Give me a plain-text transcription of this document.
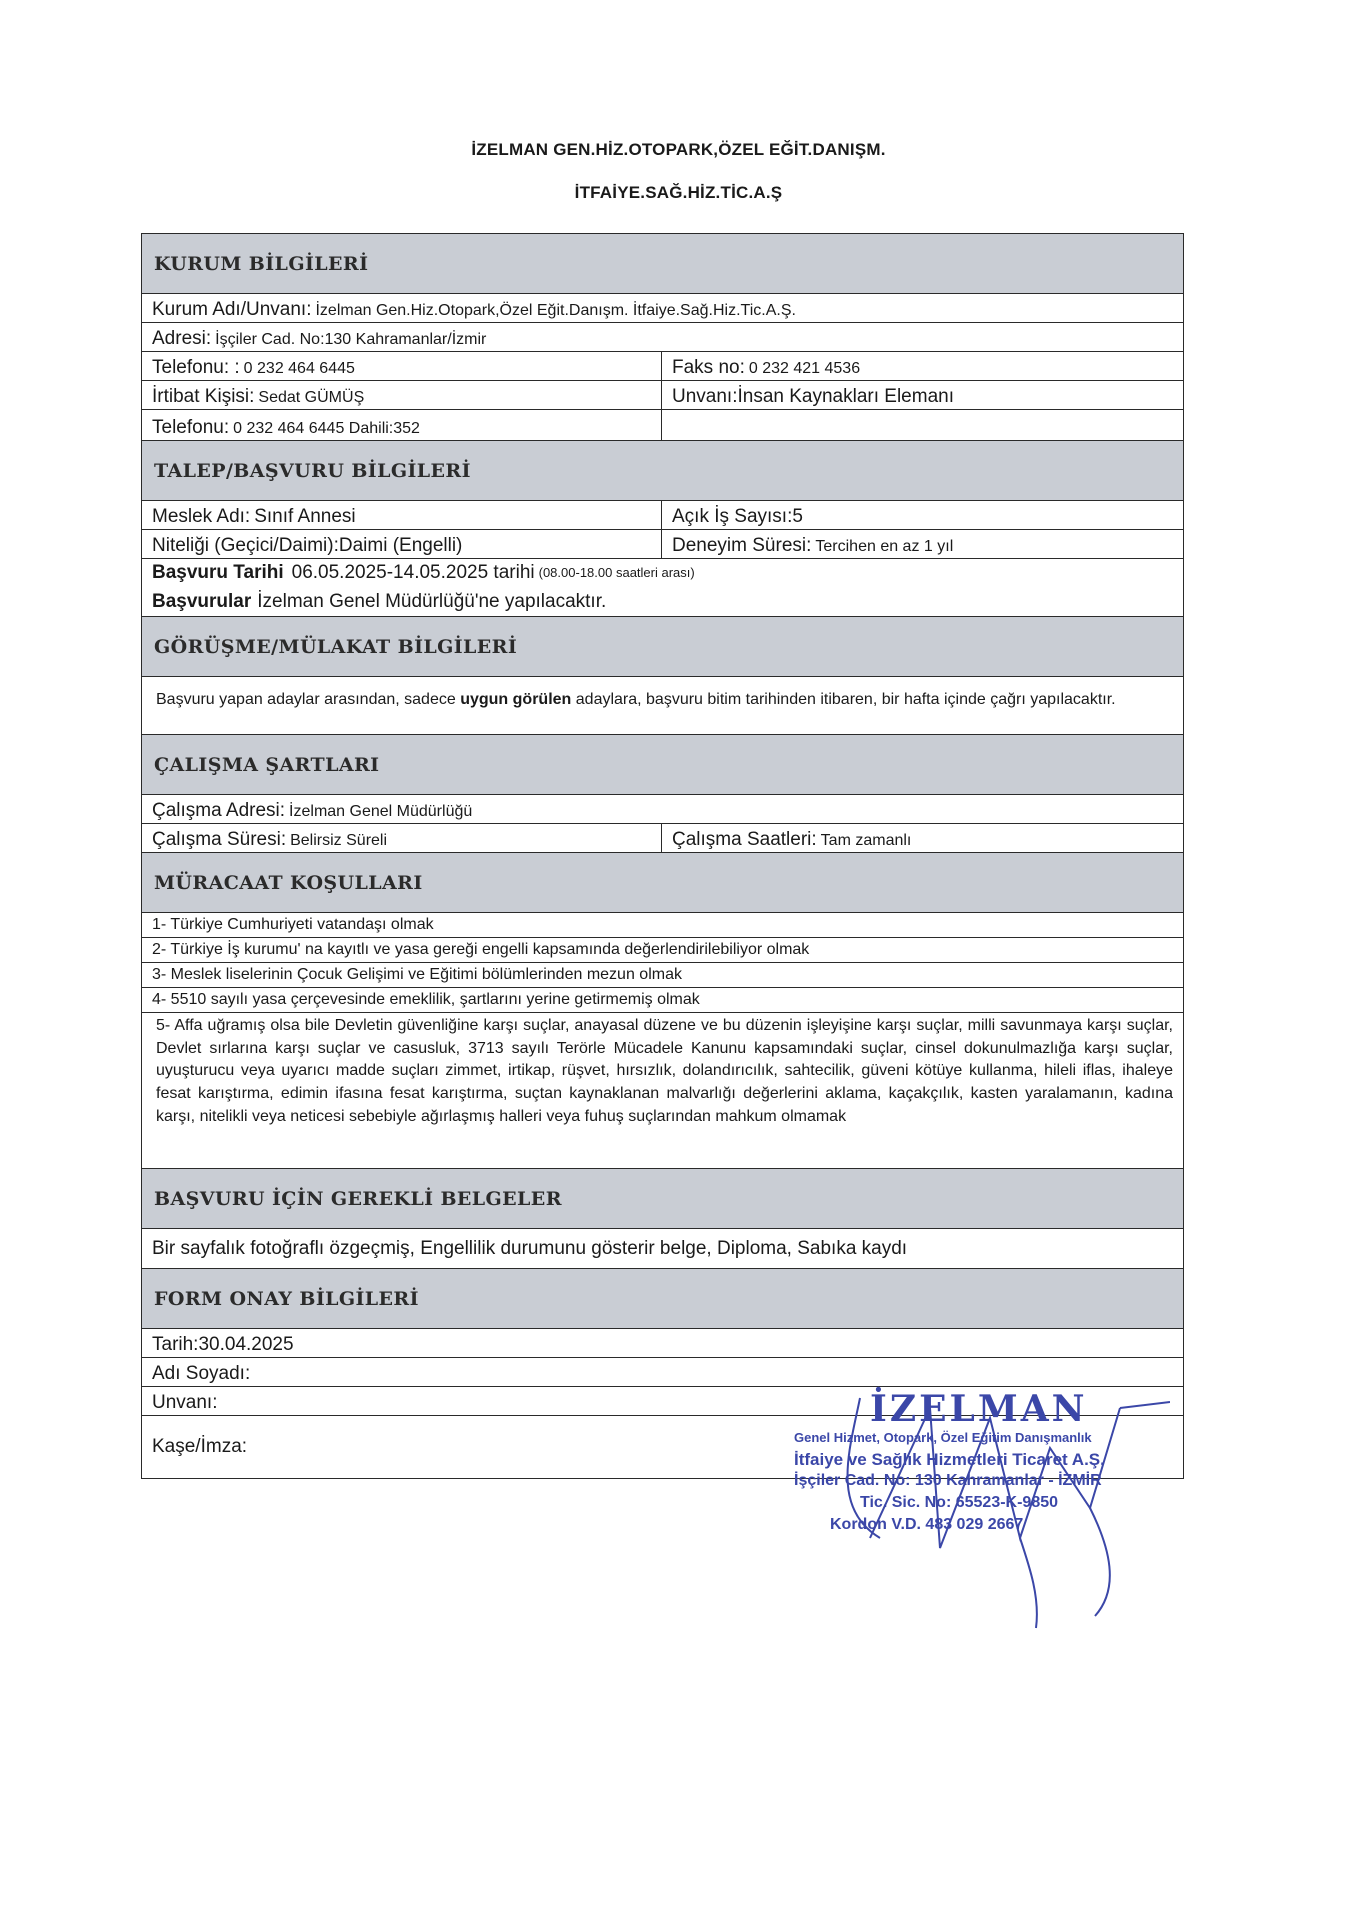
İZELMAN GEN.HİZ.OTOPARK,ÖZEL EĞİT.DANIŞM.
İTFAİYE.SAĞ.HİZ.TİC.A.Ş
KURUM BİLGİLERİ
Kurum Adı/Unvanı: İzelman Gen.Hiz.Otopark,Özel Eğit.Danışm. İtfaiye.Sağ.Hiz.Tic.A.Ş.
Adresi: İşçiler Cad. No:130 Kahramanlar/İzmir
Telefonu: : 0 232 464 6445	Faks no: 0 232 421 4536
İrtibat Kişisi: Sedat GÜMÜŞ	Unvanı: İnsan Kaynakları Elemanı
Telefonu: 0 232 464 6445 Dahili:352
TALEP/BAŞVURU BİLGİLERİ
Meslek Adı: Sınıf Annesi	Açık İş Sayısı: 5
Niteliği (Geçici/Daimi): Daimi (Engelli)	Deneyim Süresi: Tercihen en az 1 yıl
Başvuru Tarihi 06.05.2025-14.05.2025 tarihi (08.00-18.00 saatleri arası)
Başvurular İzelman Genel Müdürlüğü'ne yapılacaktır.
GÖRÜŞME/MÜLAKAT BİLGİLERİ
Başvuru yapan adaylar arasından, sadece uygun görülen adaylara, başvuru bitim tarihinden itibaren, bir hafta içinde çağrı yapılacaktır.
ÇALIŞMA ŞARTLARI
Çalışma Adresi: İzelman Genel Müdürlüğü
Çalışma Süresi: Belirsiz Süreli	Çalışma Saatleri: Tam zamanlı
MÜRACAAT KOŞULLARI
1- Türkiye Cumhuriyeti vatandaşı olmak
2- Türkiye İş kurumu' na kayıtlı ve yasa gereği engelli kapsamında değerlendirilebiliyor olmak
3- Meslek liselerinin Çocuk Gelişimi ve Eğitimi bölümlerinden mezun olmak
4- 5510 sayılı yasa çerçevesinde emeklilik, şartlarını yerine getirmemiş olmak
5- Affa uğramış olsa bile Devletin güvenliğine karşı suçlar, anayasal düzene ve bu düzenin işleyişine karşı suçlar, milli savunmaya karşı suçlar, Devlet sırlarına karşı suçlar ve casusluk, 3713 sayılı Terörle Mücadele Kanunu kapsamındaki suçlar, cinsel dokunulmazlığa karşı suçlar, uyuşturucu veya uyarıcı madde suçları zimmet, irtikap, rüşvet, hırsızlık, dolandırıcılık, sahtecilik, güveni kötüye kullanma, hileli iflas, ihaleye fesat karıştırma, edimin ifasına fesat karıştırma, suçtan kaynaklanan malvarlığı değerlerini aklama, kaçakçılık, kasten yaralamanın, kadına karşı, nitelikli veya neticesi sebebiyle ağırlaşmış halleri veya fuhuş suçlarından mahkum olmamak
BAŞVURU İÇİN GEREKLİ BELGELER
Bir sayfalık fotoğraflı özgeçmiş, Engellilik durumunu gösterir belge, Diploma, Sabıka kaydı
FORM ONAY BİLGİLERİ
Tarih:30.04.2025
Adı Soyadı:
Unvanı:
Kaşe/İmza:
İZELMAN
Genel Hizmet, Otopark, Özel Eğitim Danışmanlık
İtfaiye ve Sağlık Hizmetleri Ticaret A.Ş.
İşçiler Cad. No: 130 Kahramanlar - İZMİR
Tic. Sic. No: 65523-K-9850
Kordon V.D. 483 029 2667
